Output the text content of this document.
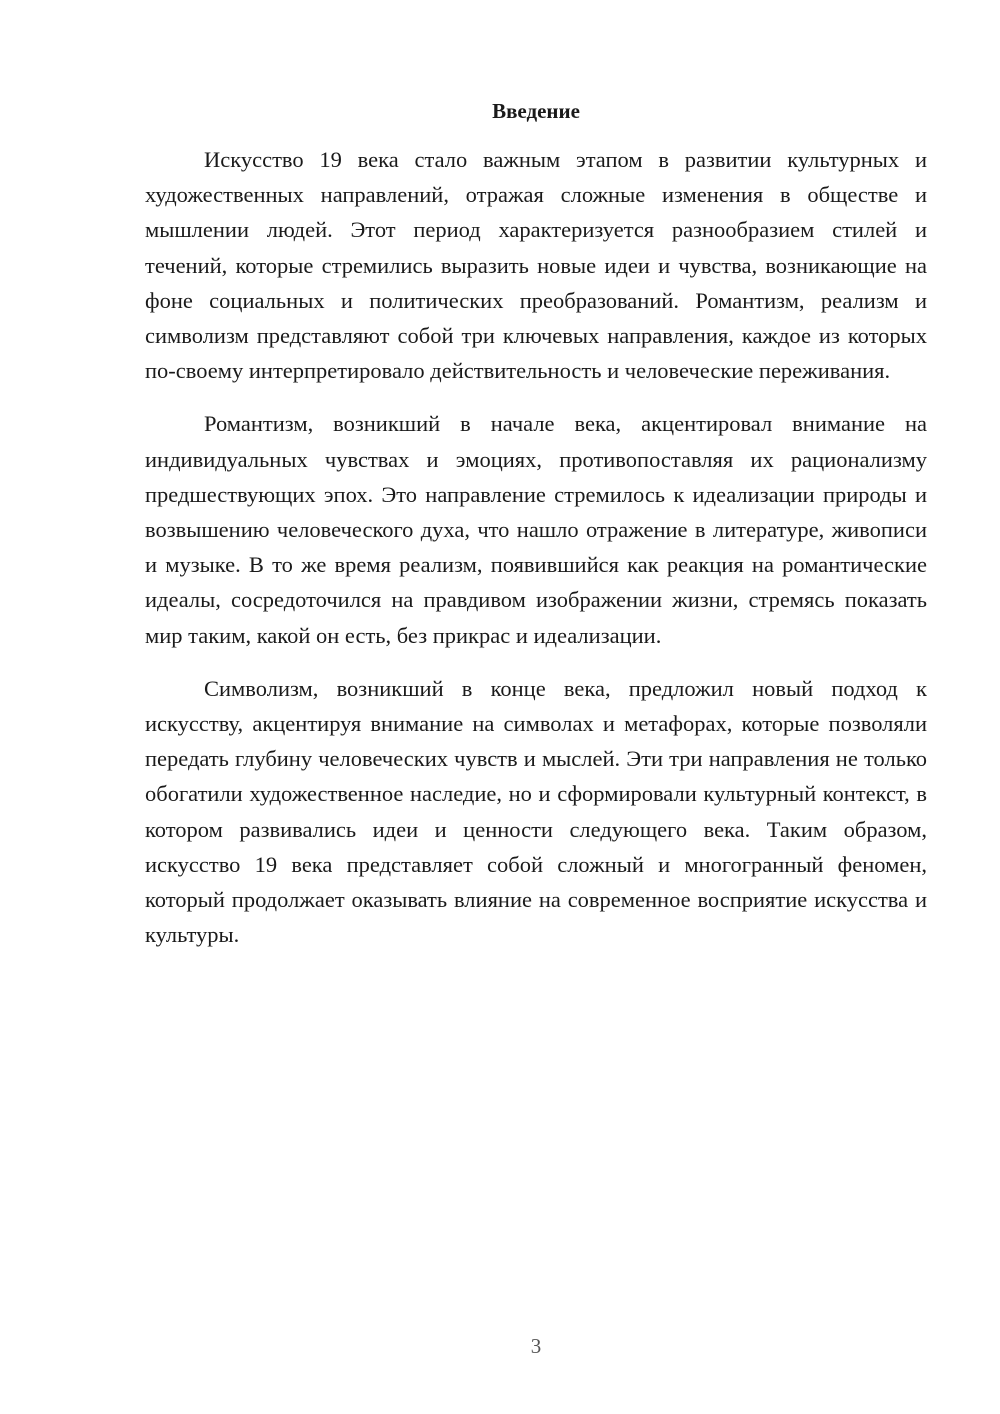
Введение

Искусство 19 века стало важным этапом в развитии культурных и художественных направлений, отражая сложные изменения в обществе и мышлении людей. Этот период характеризуется разнообразием стилей и течений, которые стремились выразить новые идеи и чувства, возникающие на фоне социальных и политических преобразований. Романтизм, реализм и символизм представляют собой три ключевых направления, каждое из которых по-своему интерпретировало действительность и человеческие переживания.

Романтизм, возникший в начале века, акцентировал внимание на индивидуальных чувствах и эмоциях, противопоставляя их рационализму предшествующих эпох. Это направление стремилось к идеализации природы и возвышению человеческого духа, что нашло отражение в литературе, живописи и музыке. В то же время реализм, появившийся как реакция на романтические идеалы, сосредоточился на правдивом изображении жизни, стремясь показать мир таким, какой он есть, без прикрас и идеализации.

Символизм, возникший в конце века, предложил новый подход к искусству, акцентируя внимание на символах и метафорах, которые позволяли передать глубину человеческих чувств и мыслей. Эти три направления не только обогатили художественное наследие, но и сформировали культурный контекст, в котором развивались идеи и ценности следующего века. Таким образом, искусство 19 века представляет собой сложный и многогранный феномен, который продолжает оказывать влияние на современное восприятие искусства и культуры.

3
